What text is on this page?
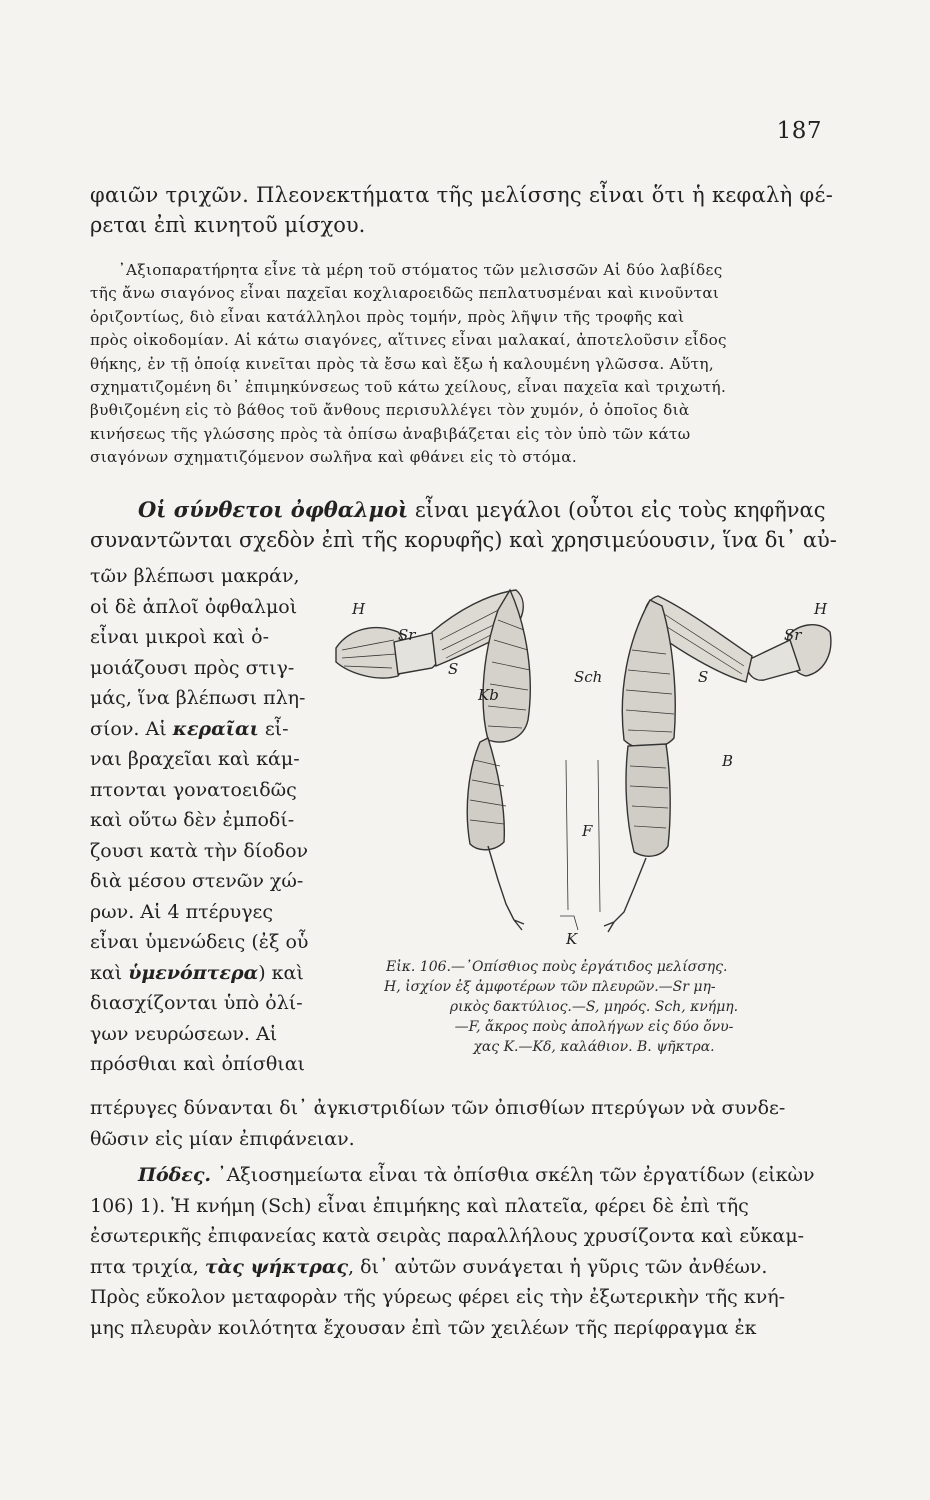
187
φαιῶν τριχῶν. Πλεονεκτήματα τῆς μελίσσης εἶναι ὅτι ἡ κεφαλὴ φέ-
ρεται ἐπὶ κινητοῦ μίσχου.
᾿Αξιοπαρατήρητα εἶνε τὰ μέρη τοῦ στόματος τῶν μελισσῶν Αἱ δύο λαβίδες
τῆς ἄνω σιαγόνος εἶναι παχεῖαι κοχλιαροειδῶς πεπλατυσμέναι καὶ κινοῦνται
ὁριζοντίως, διὸ εἶναι κατάλληλοι πρὸς τομήν, πρὸς λῆψιν τῆς τροφῆς καὶ
πρὸς οἰκοδομίαν. Αἱ κάτω σιαγόνες, αἵτινες εἶναι μαλακαί, ἀποτελοῦσιν εἶδος
θήκης, ἐν τῇ ὁποίᾳ κινεῖται πρὸς τὰ ἔσω καὶ ἔξω ἡ καλουμένη γλῶσσα. Αὕτη,
σχηματιζομένη δι᾿ ἐπιμηκύνσεως τοῦ κάτω χείλους, εἶναι παχεῖα καὶ τριχωτή.
βυθιζομένη εἰς τὸ βάθος τοῦ ἄνθους περισυλλέγει τὸν χυμόν, ὁ ὁποῖος διὰ
κινήσεως τῆς γλώσσης πρὸς τὰ ὀπίσω ἀναβιβάζεται εἰς τὸν ὑπὸ τῶν κάτω
σιαγόνων σχηματιζόμενον σωλῆνα καὶ φθάνει εἰς τὸ στόμα.
Οἱ σύνθετοι ὀφθαλμοὶ εἶναι μεγάλοι (οὗτοι εἰς τοὺς κηφῆνας
συναντῶνται σχεδὸν ἐπὶ τῆς κορυφῆς) καὶ χρησιμεύουσιν, ἵνα δι᾿ αὐ-
τῶν βλέπωσι μακράν,
οἱ δὲ ἁπλοῖ ὀφθαλμοὶ
εἶναι μικροὶ καὶ ὁ-
μοιάζουσι πρὸς στιγ-
μάς, ἵνα βλέπωσι πλη-
σίον. Αἱ κεραῖαι εἶ-
ναι βραχεῖαι καὶ κάμ-
πτονται γονατοειδῶς
καὶ οὕτω δὲν ἐμποδί-
ζουσι κατὰ τὴν δίοδον
διὰ μέσου στενῶν χώ-
ρων. Αἱ 4 πτέρυγες
εἶναι ὑμενώδεις (ἐξ οὗ
καὶ ὑμενόπτερα) καὶ
διασχίζονται ὑπὸ ὀλί-
γων νευρώσεων. Αἱ
πρόσθιαι καὶ ὀπίσθιαι
H
Sr
S
Kb
Sch
H
Sr
S
B
F
K
Εἰκ. 106.—᾿Οπίσθιος ποὺς ἐργάτιδος μελίσσης.
H, ἰσχίον ἐξ ἀμφοτέρων τῶν πλευρῶν.—Sr μη-
ρικὸς δακτύλιος.—S, μηρός. Sch, κνήμη.
—F, ἄκρος ποὺς ἀπολήγων εἰς δύο ὄνυ-
χας K.—Kδ, καλάθιον. B. ψῆκτρα.
πτέρυγες δύνανται δι᾿ ἀγκιστριδίων τῶν ὀπισθίων πτερύγων νὰ συνδε-
θῶσιν εἰς μίαν ἐπιφάνειαν.
Πόδες. ᾿Αξιοσημείωτα εἶναι τὰ ὀπίσθια σκέλη τῶν ἐργατίδων (εἰκὼν
106) 1). Ἡ κνήμη (Sch) εἶναι ἐπιμήκης καὶ πλατεῖα, φέρει δὲ ἐπὶ τῆς
ἐσωτερικῆς ἐπιφανείας κατὰ σειρὰς παραλλήλους χρυσίζοντα καὶ εὔκαμ-
πτα τριχία, τὰς ψήκτρας, δι᾿ αὐτῶν συνάγεται ἡ γῦρις τῶν ἀνθέων.
Πρὸς εὔκολον μεταφορὰν τῆς γύρεως φέρει εἰς τὴν ἐξωτερικὴν τῆς κνή-
μης πλευρὰν κοιλότητα ἔχουσαν ἐπὶ τῶν χειλέων τῆς περίφραγμα ἐκ
